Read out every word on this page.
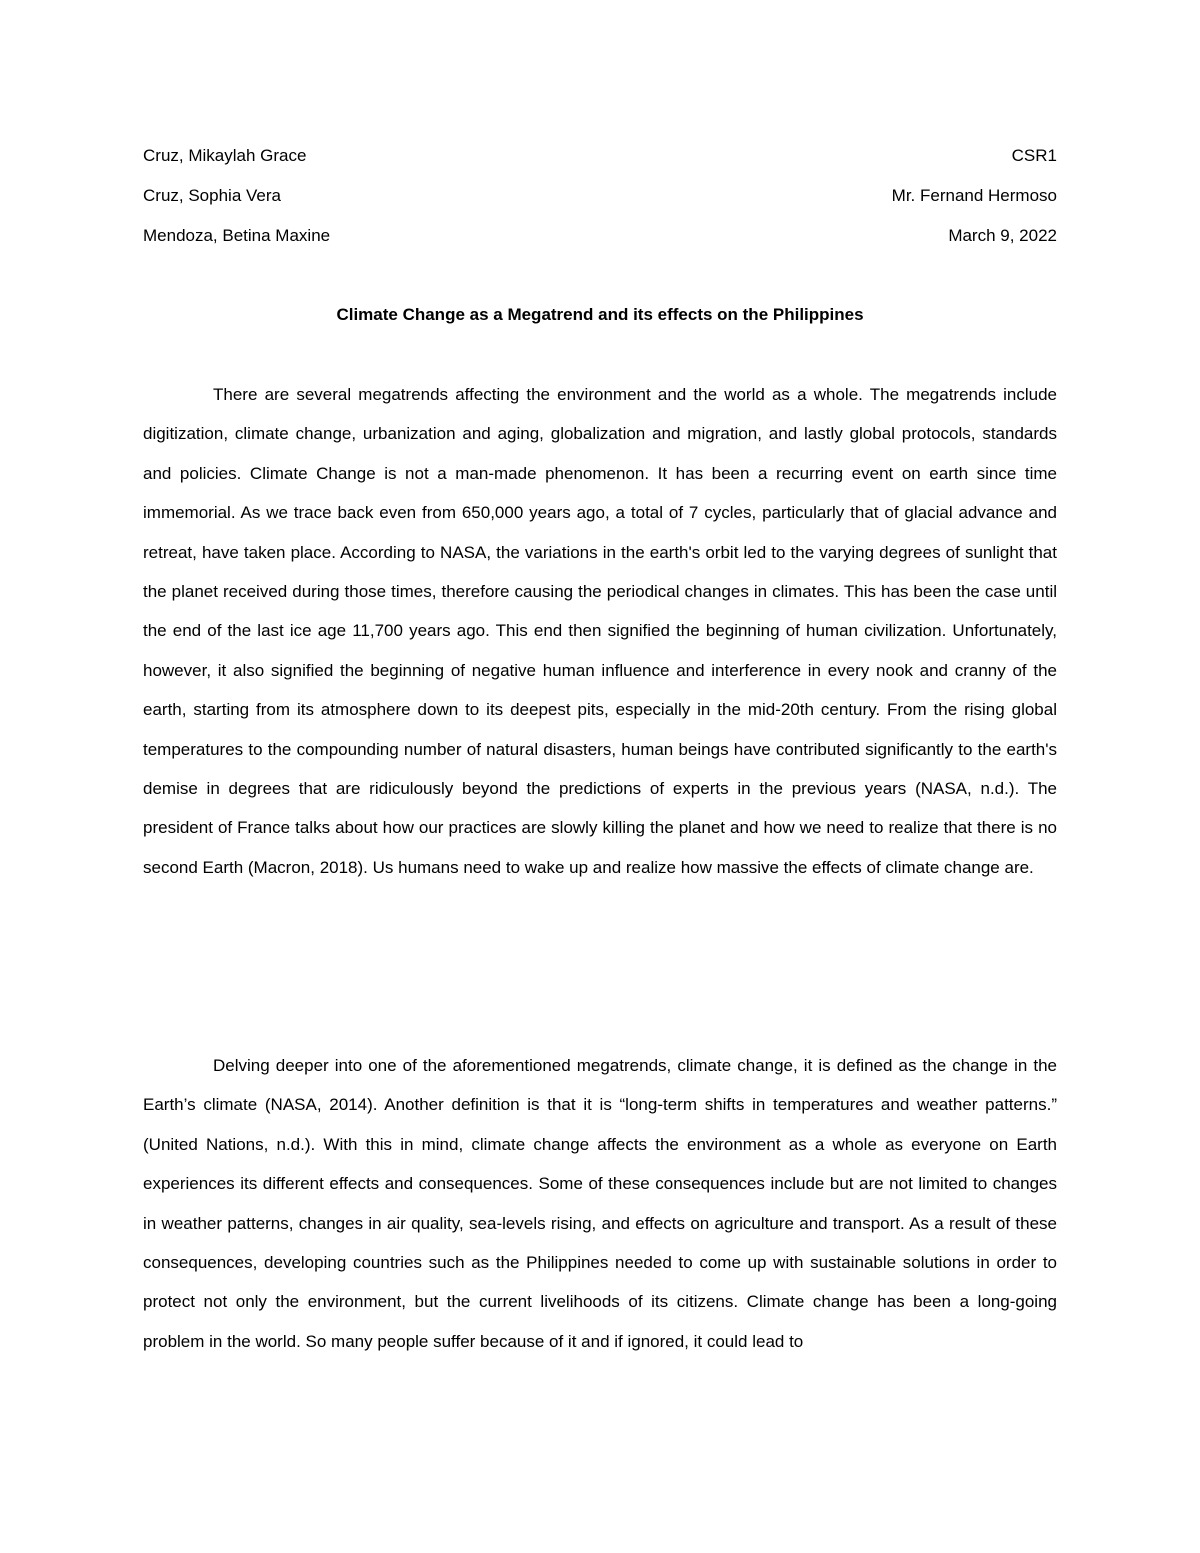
Cruz, Mikaylah Grace	CSR1
Cruz, Sophia Vera	Mr. Fernand Hermoso
Mendoza, Betina Maxine	March 9, 2022
Climate Change as a Megatrend and its effects on the Philippines

There are several megatrends affecting the environment and the world as a whole. The megatrends include digitization, climate change, urbanization and aging, globalization and migration, and lastly global protocols, standards and policies. Climate Change is not a man-made phenomenon. It has been a recurring event on earth since time immemorial. As we trace back even from 650,000 years ago, a total of 7 cycles, particularly that of glacial advance and retreat, have taken place. According to NASA, the variations in the earth's orbit led to the varying degrees of sunlight that the planet received during those times, therefore causing the periodical changes in climates. This has been the case until the end of the last ice age 11,700 years ago. This end then signified the beginning of human civilization. Unfortunately, however, it also signified the beginning of negative human influence and interference in every nook and cranny of the earth, starting from its atmosphere down to its deepest pits, especially in the mid-20th century. From the rising global temperatures to the compounding number of natural disasters, human beings have contributed significantly to the earth's demise in degrees that are ridiculously beyond the predictions of experts in the previous years (NASA, n.d.). The president of France talks about how our practices are slowly killing the planet and how we need to realize that there is no second Earth (Macron, 2018). Us humans need to wake up and realize how massive the effects of climate change are.

Delving deeper into one of the aforementioned megatrends, climate change, it is defined as the change in the Earth’s climate (NASA, 2014). Another definition is that it is “long-term shifts in temperatures and weather patterns.” (United Nations, n.d.). With this in mind, climate change affects the environment as a whole as everyone on Earth experiences its different effects and consequences. Some of these consequences include but are not limited to changes in weather patterns, changes in air quality, sea-levels rising, and effects on agriculture and transport. As a result of these consequences, developing countries such as the Philippines needed to come up with sustainable solutions in order to protect not only the environment, but the current livelihoods of its citizens. Climate change has been a long-going problem in the world. So many people suffer because of it and if ignored, it could lead to
